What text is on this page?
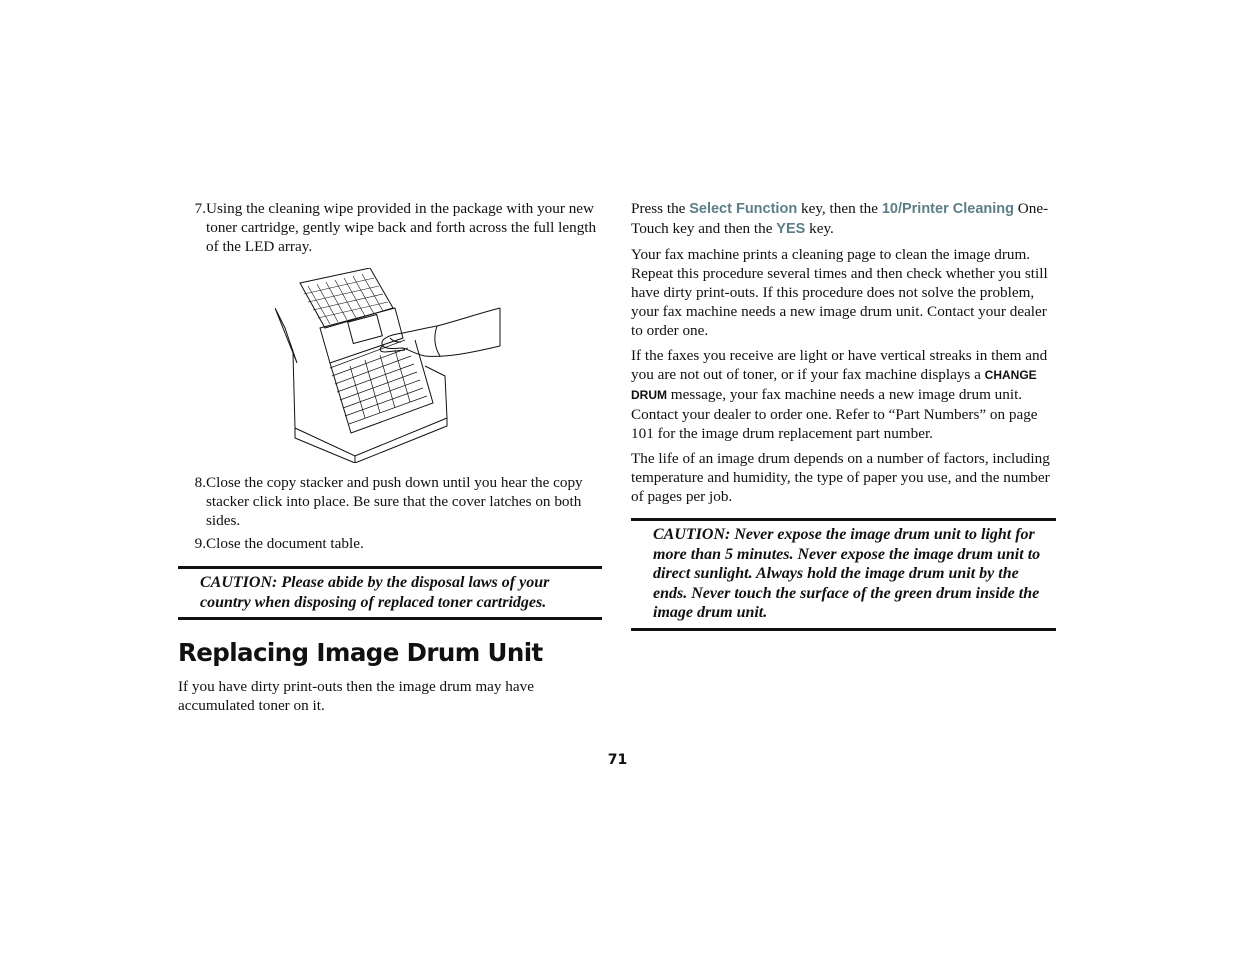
7. Using the cleaning wipe provided in the package with your new toner cartridge, gently wipe back and forth across the full length of the LED array.
8. Close the copy stacker and push down until you hear the copy stacker click into place. Be sure that the cover latches on both sides.
9. Close the document table.

CAUTION: Please abide by the disposal laws of your country when disposing of replaced toner cartridges.

Replacing Image Drum Unit

If you have dirty print-outs then the image drum may have accumulated toner on it.

Press the Select Function key, then the 10/Printer Cleaning One-Touch key and then the YES key.

Your fax machine prints a cleaning page to clean the image drum. Repeat this procedure several times and then check whether you still have dirty print-outs. If this procedure does not solve the problem, your fax machine needs a new image drum unit. Contact your dealer to order one.

If the faxes you receive are light or have vertical streaks in them and you are not out of toner, or if your fax machine displays a CHANGE DRUM message, your fax machine needs a new image drum unit. Contact your dealer to order one. Refer to “Part Numbers” on page 101 for the image drum replacement part number.

The life of an image drum depends on a number of factors, including temperature and humidity, the type of paper you use, and the number of pages per job.

CAUTION: Never expose the image drum unit to light for more than 5 minutes. Never expose the image drum unit to direct sunlight. Always hold the image drum unit by the ends. Never touch the surface of the green drum inside the image drum unit.

71
